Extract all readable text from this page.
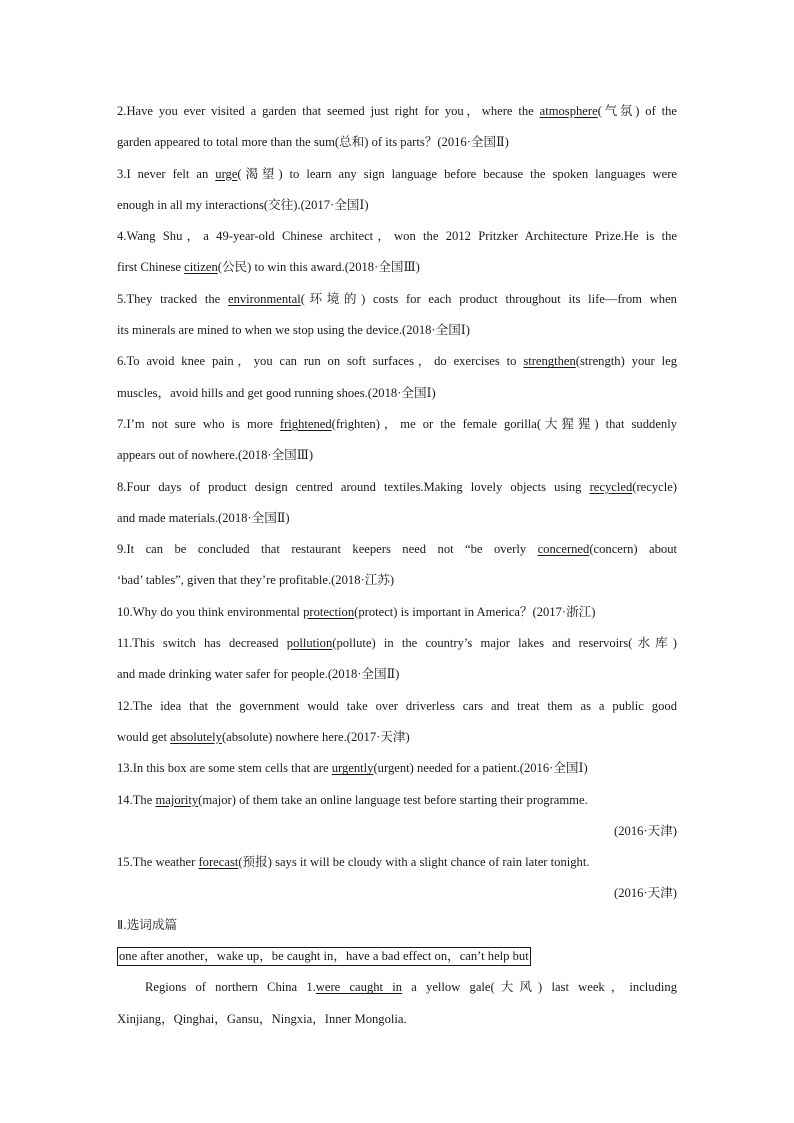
2.Have you ever visited a garden that seemed just right for you，where the atmosphere(气氛) of the
garden appeared to total more than the sum(总和) of its parts？(2016·全国Ⅱ)
3.I never felt an urge(渴望) to learn any sign language before because the spoken languages were
enough in all my interactions(交往).(2017·全国Ⅰ)
4.Wang Shu，a 49-year-old Chinese architect，won the 2012 Pritzker Architecture Prize.He is the
first Chinese citizen(公民) to win this award.(2018·全国Ⅲ)
5.They tracked the environmental(环境的) costs for each product throughout its life—from when
its minerals are mined to when we stop using the device.(2018·全国Ⅰ)
6.To avoid knee pain，you can run on soft surfaces，do exercises to strengthen(strength) your leg
muscles，avoid hills and get good running shoes.(2018·全国Ⅰ)
7.I’m not sure who is more frightened(frighten)，me or the female gorilla(大猩猩) that suddenly
appears out of nowhere.(2018·全国Ⅲ)
8.Four days of product design centred around textiles.Making lovely objects using recycled(recycle)
and made materials.(2018·全国Ⅱ)
9.It can be concluded that restaurant keepers need not “be overly concerned(concern) about
‘bad’ tables”, given that they’re profitable.(2018·江苏)
10.Why do you think environmental protection(protect) is important in America？(2017·浙江)
11.This switch has decreased pollution(pollute) in the country’s major lakes and reservoirs(水库)
and made drinking water safer for people.(2018·全国Ⅱ)
12.The idea that the government would take over driverless cars and treat them as a public good
would get absolutely(absolute) nowhere here.(2017·天津)
13.In this box are some stem cells that are urgently(urgent) needed for a patient.(2016·全国Ⅰ)
14.The majority(major) of them take an online language test before starting their programme.
(2016·天津)
15.The weather forecast(预报) says it will be cloudy with a slight chance of rain later tonight.
(2016·天津)
Ⅱ.选词成篇
one after another，wake up，be caught in，have a bad effect on，can’t help but
Regions of northern China 1.were caught in a yellow gale(大风) last week，including
Xinjiang，Qinghai，Gansu，Ningxia，Inner Mongolia.
